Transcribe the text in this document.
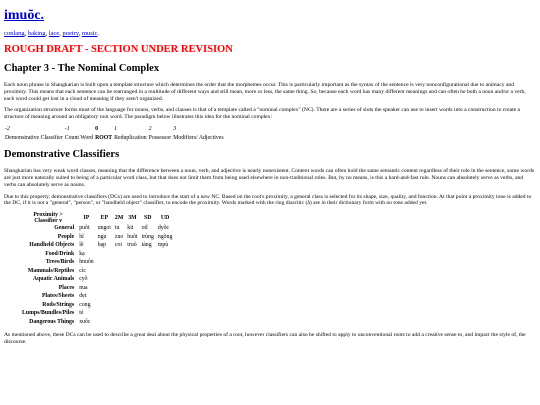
imuõc.
conlang, baking, lace, poetry, music.
ROUGH DRAFT - SECTION UNDER REVISION
Chapter 3 - The Nominal Complex

Each noun phrase in Shangkarian is built upon a template structure which determines the order that the morphemes occur. This is particularly important as the syntax of the sentence is very nonconfigurational due to animacy and proximity. This means that each sentence can be rearranged in a multitude of different ways and still mean, more or less, the same thing. So, because each word has many different meanings and can often be both a noun and/or a verb, each word could get lost in a cloud of meaning if they aren't organized.

The organization structure forms most of the language for nouns, verbs, and clauses is that of a template called a "nominal complex" (NC). There are a series of slots the speaker can use to insert words into a construction to create a structure of meaning around an obligatory root word. The paradigm below illustrates this idea for the nominal complex:

-2	-1	0	1	2	3
Demonstrative Classifier	Count Word	ROOT	Reduplication	Possessor	Modifiers/ Adjectives
Demonstrative Classifiers

Shangkarian has very weak word classes, meaning that the difference between a noun, verb, and adjective is nearly nonexistent. Content words can often hold the same semantic content regardless of their role in the sentence, some words are just more naturally suited to being of a particular word class, but that does not limit them from being used elsewhere in non-traditional roles. But, by no means, is this a hard-and-fast rule. Nouns can absolutely serve as verbs, and verbs can absolutely serve as nouns.

Due to this property, demonstrative classifiers (DCs) are used to introduce the start of a new NC. Based on the root's proximity, a general class is selected for its shape, size, quality, and function. At that point a proximity tone is added to the DC, if it is not a "general", "person", or "handheld object" classifier, to encode the proximity. Words marked with the ring diacritic (å) are in their dictionary form with no tone added yet.

Proximity > Classifier v	IP	EP	2M	3M	SD	UD
General	puõt	ungoi	tu	kit	otl	dyõc
People	hĩ	ngu	zuo	huõt	trùng	ngõng
Handheld Objects	lẽ	hạp	coi	truò	tảng	mpù
Food/Drink	kạ					
Trees/Birds	hnuõn					
Mammals/Reptiles	cìc					
Aquatic Animals	cyõ					
Places	nua					
Plates/Sheets	dẹt					
Rods/Strings	cong					
Lumps/Bundles/Piles	tẻ					
Dangerous Things	xuôc					

As mentioned above, these DCs can be used to describe a great deal about the physical properties of a root, however classifiers can also be shifted to apply to unconventional roots to add a creative sense to, and impact the style of, the discourse.
